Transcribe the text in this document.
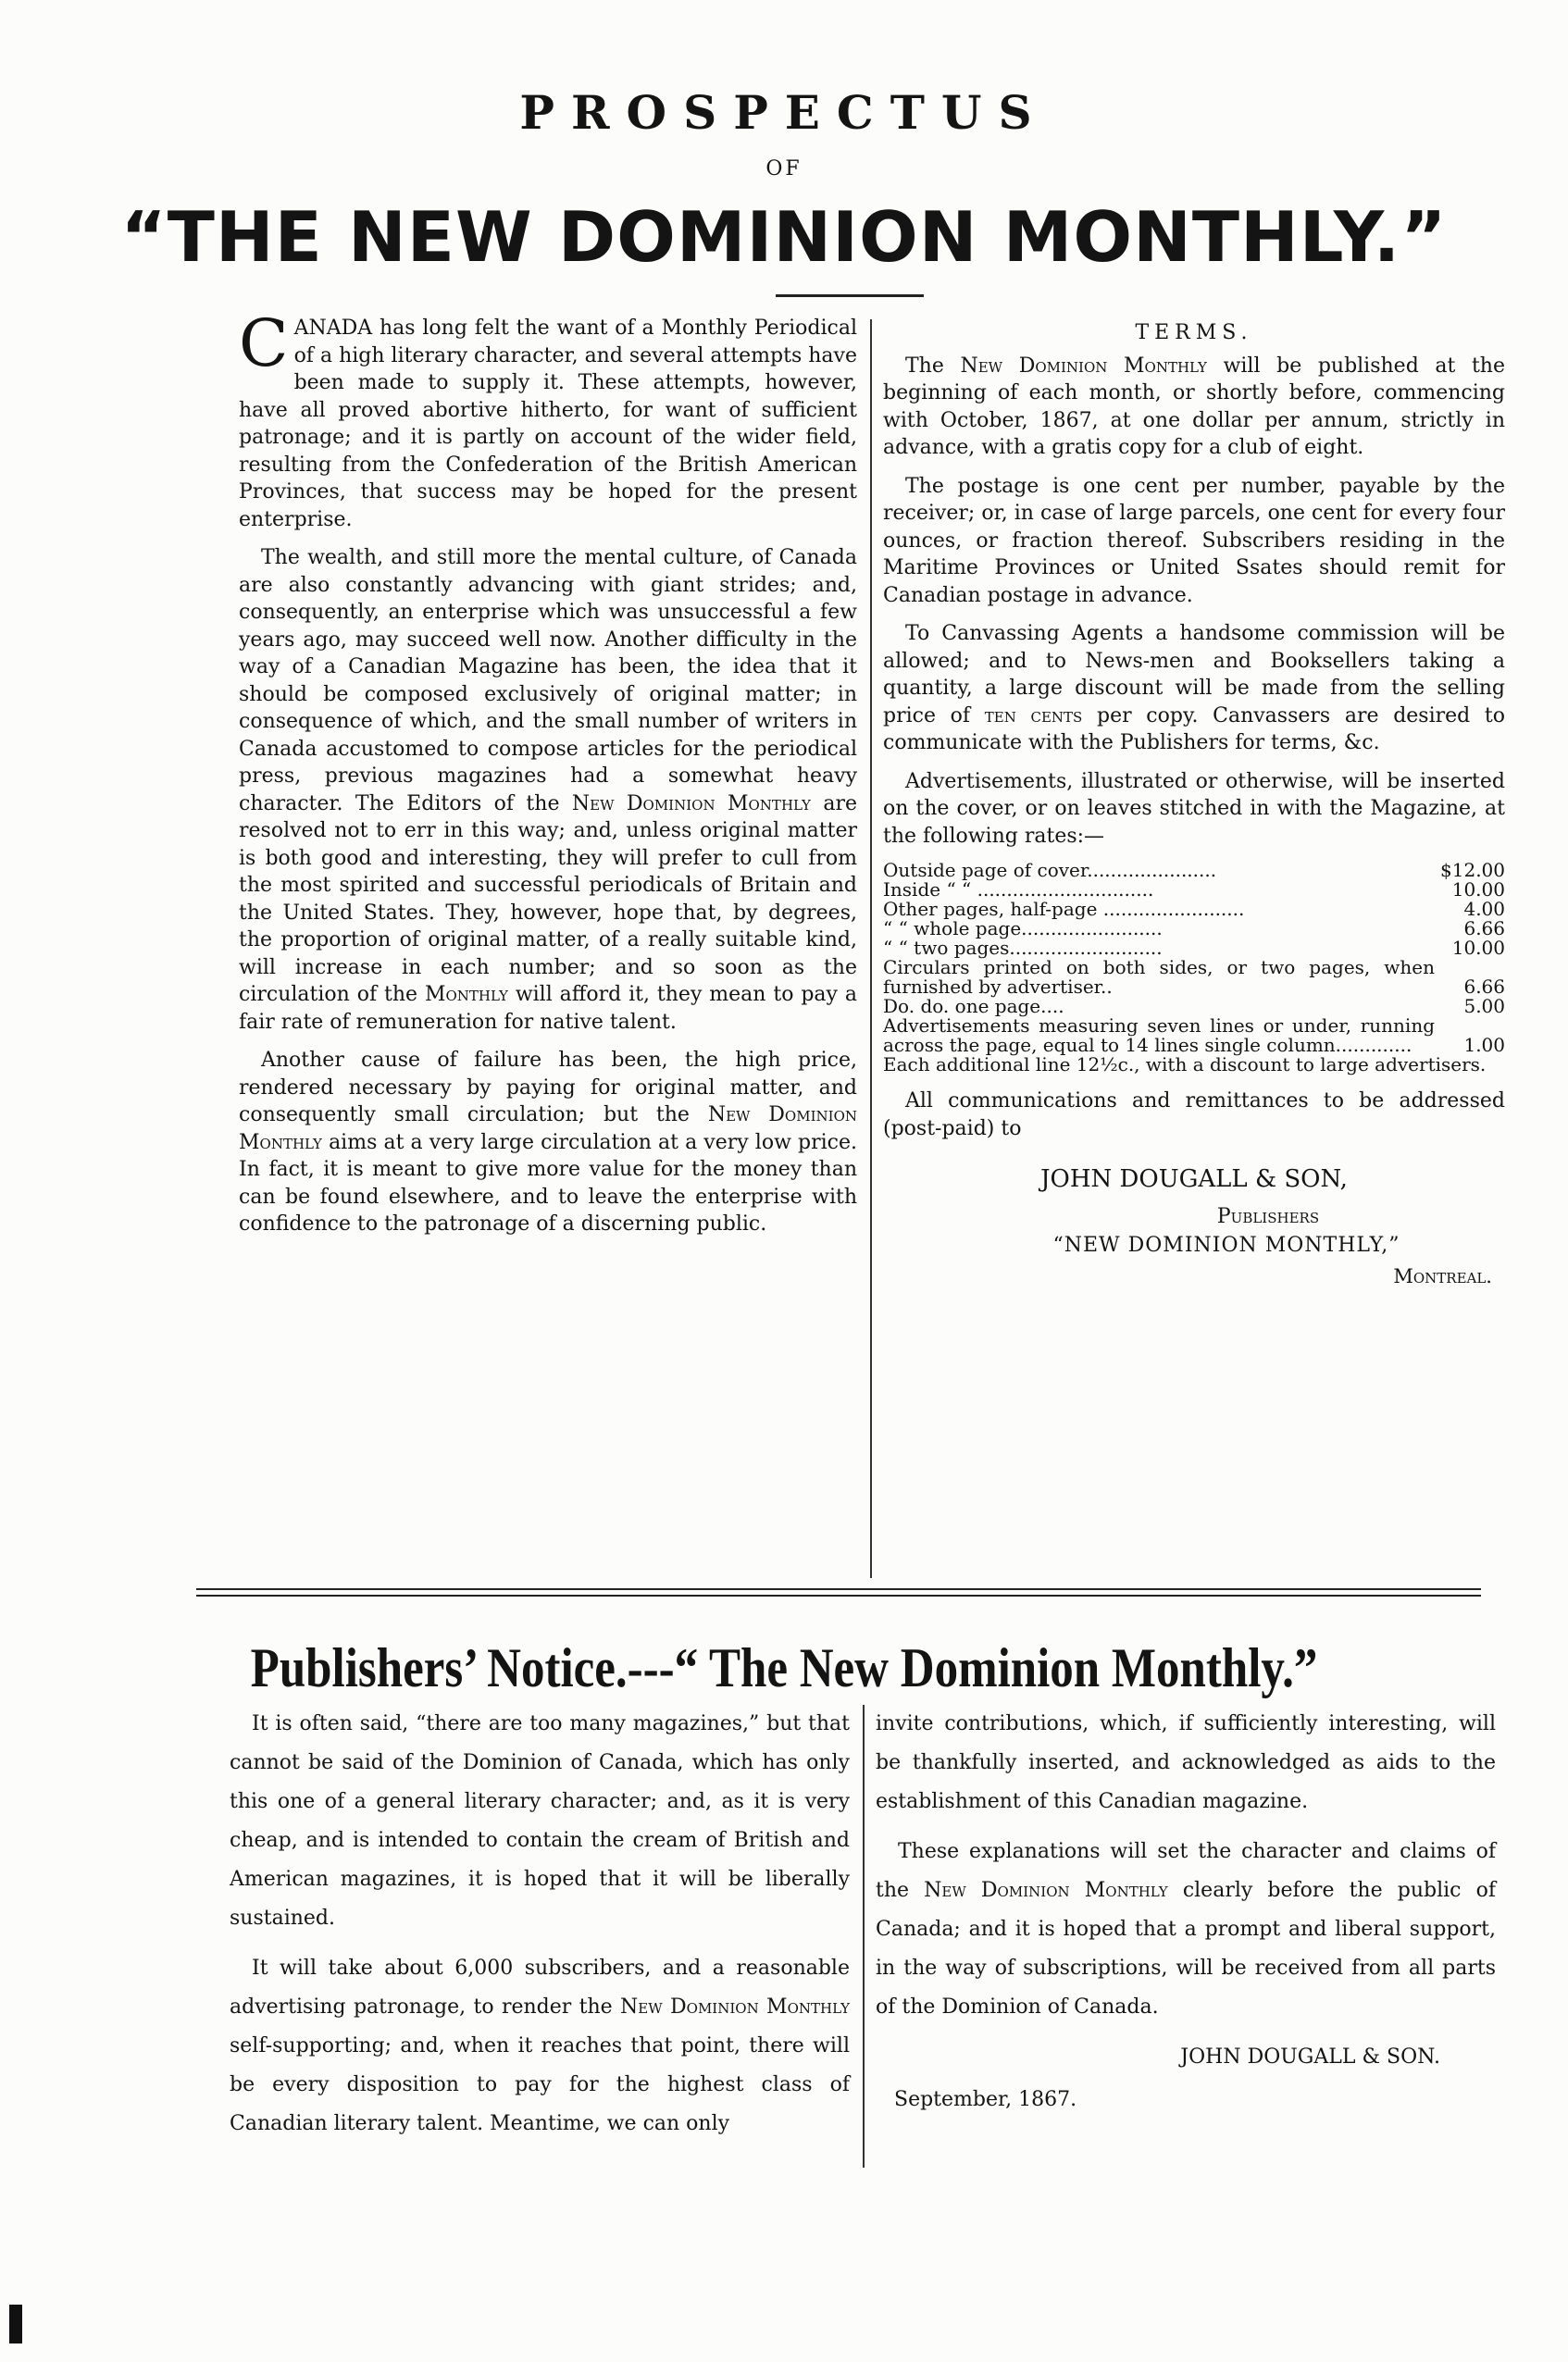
PROSPECTUS
OF
“THE NEW DOMINION MONTHLY.”

CANADA has long felt the want of a Monthly Periodical of a high literary character, and several attempts have been made to supply it. These attempts, however, have all proved abortive hitherto, for want of sufficient patronage; and it is partly on account of the wider field, resulting from the Confederation of the British American Provinces, that success may be hoped for the present enterprise.

The wealth, and still more the mental culture, of Canada are also constantly advancing with giant strides; and, consequently, an enterprise which was unsuccessful a few years ago, may succeed well now. Another difficulty in the way of a Canadian Magazine has been, the idea that it should be composed exclusively of original matter; in consequence of which, and the small number of writers in Canada accustomed to compose articles for the periodical press, previous magazines had a somewhat heavy character. The Editors of the New Dominion Monthly are resolved not to err in this way; and, unless original matter is both good and interesting, they will prefer to cull from the most spirited and successful periodicals of Britain and the United States. They, however, hope that, by degrees, the proportion of original matter, of a really suitable kind, will increase in each number; and so soon as the circulation of the Monthly will afford it, they mean to pay a fair rate of remuneration for native talent.

Another cause of failure has been, the high price, rendered necessary by paying for original matter, and consequently small circulation; but the New Dominion Monthly aims at a very large circulation at a very low price. In fact, it is meant to give more value for the money than can be found elsewhere, and to leave the enterprise with confidence to the patronage of a discerning public.

TERMS.

The New Dominion Monthly will be published at the beginning of each month, or shortly before, commencing with October, 1867, at one dollar per annum, strictly in advance, with a gratis copy for a club of eight.

The postage is one cent per number, payable by the receiver; or, in case of large parcels, one cent for every four ounces, or fraction thereof. Subscribers residing in the Maritime Provinces or United Ssates should remit for Canadian postage in advance.

To Canvassing Agents a handsome commission will be allowed; and to News-men and Booksellers taking a quantity, a large discount will be made from the selling price of ten cents per copy. Canvassers are desired to communicate with the Publishers for terms, &c.

Advertisements, illustrated or otherwise, will be inserted on the cover, or on leaves stitched in with the Magazine, at the following rates:—

Outside page of cover......................	$12.00
Inside “ “ ..............................	10.00
Other pages, half-page ........................	4.00
“ “ whole page........................	6.66
“ “ two pages..........................	10.00
Circulars printed on both sides, or two pages, when furnished by advertiser..	6.66
Do. do. one page....	5.00
Advertisements measuring seven lines or under, running across the page, equal to 14 lines single column.............	1.00
Each additional line 12½c., with a discount to large advertisers.	

All communications and remittances to be addressed (post-paid) to

JOHN DOUGALL & SON,
Publishers
“NEW DOMINION MONTHLY,”
Montreal.
Publishers’ Notice.---“ The New Dominion Monthly.”

It is often said, “there are too many magazines,” but that cannot be said of the Dominion of Canada, which has only this one of a general literary character; and, as it is very cheap, and is intended to contain the cream of British and American magazines, it is hoped that it will be liberally sustained.

It will take about 6,000 subscribers, and a reasonable advertising patronage, to render the New Dominion Monthly self-supporting; and, when it reaches that point, there will be every disposition to pay for the highest class of Canadian literary talent. Meantime, we can only

invite contributions, which, if sufficiently interesting, will be thankfully inserted, and acknowledged as aids to the establishment of this Canadian magazine.

These explanations will set the character and claims of the New Dominion Monthly clearly before the public of Canada; and it is hoped that a prompt and liberal support, in the way of subscriptions, will be received from all parts of the Dominion of Canada.

JOHN DOUGALL & SON.
September, 1867.
